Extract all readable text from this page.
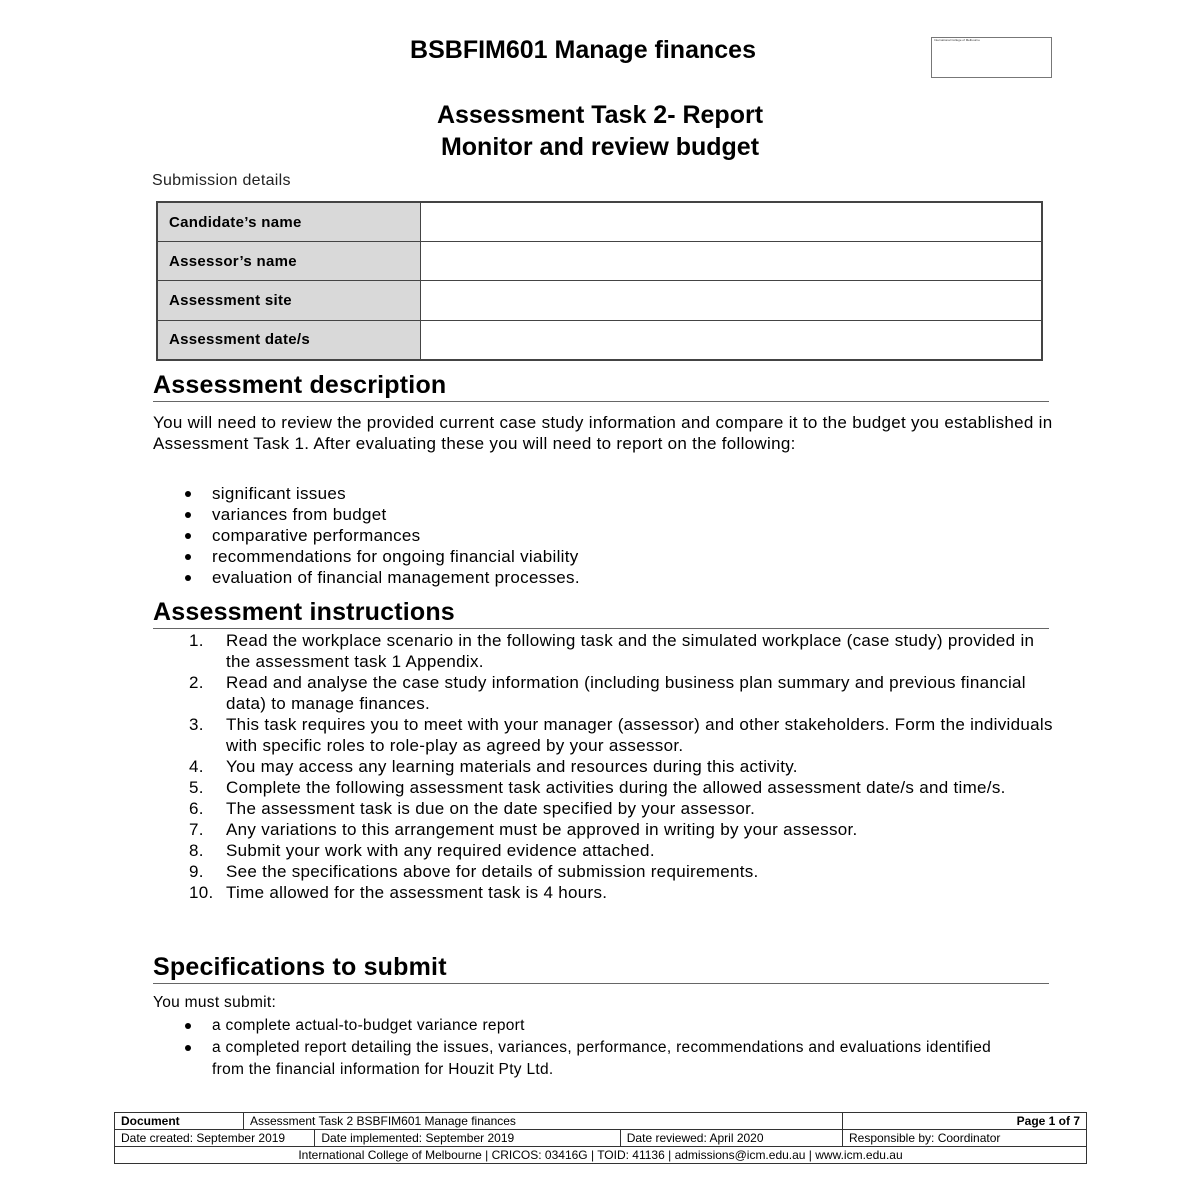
BSBFIM601 Manage finances	International College of Melbourne
Assessment Task 2- Report
Monitor and review budget
Submission details
Candidate’s name	
Assessor’s name	
Assessment site	
Assessment date/s	
Assessment description
You will need to review the provided current case study information and compare it to the budget you established in Assessment Task 1. After evaluating these you will need to report on the following:
significant issues
variances from budget
comparative performances
recommendations for ongoing financial viability
evaluation of financial management processes.
Assessment instructions
1. Read the workplace scenario in the following task and the simulated workplace (case study) provided in the assessment task 1 Appendix.
2. Read and analyse the case study information (including business plan summary and previous financial data) to manage finances.
3. This task requires you to meet with your manager (assessor) and other stakeholders. Form the individuals with specific roles to role-play as agreed by your assessor.
4. You may access any learning materials and resources during this activity.
5. Complete the following assessment task activities during the allowed assessment date/s and time/s.
6. The assessment task is due on the date specified by your assessor.
7. Any variations to this arrangement must be approved in writing by your assessor.
8. Submit your work with any required evidence attached.
9. See the specifications above for details of submission requirements.
10. Time allowed for the assessment task is 4 hours.
Specifications to submit
You must submit:
a complete actual-to-budget variance report
a completed report detailing the issues, variances, performance, recommendations and evaluations identified from the financial information for Houzit Pty Ltd.
Document	Assessment Task 2 BSBFIM601 Manage finances			Page 1 of 7
Date created: September 2019		Date implemented: September 2019	Date reviewed: April 2020	Responsible by: Coordinator
International College of Melbourne | CRICOS: 03416G | TOID: 41136 | admissions@icm.edu.au | www.icm.edu.au				
